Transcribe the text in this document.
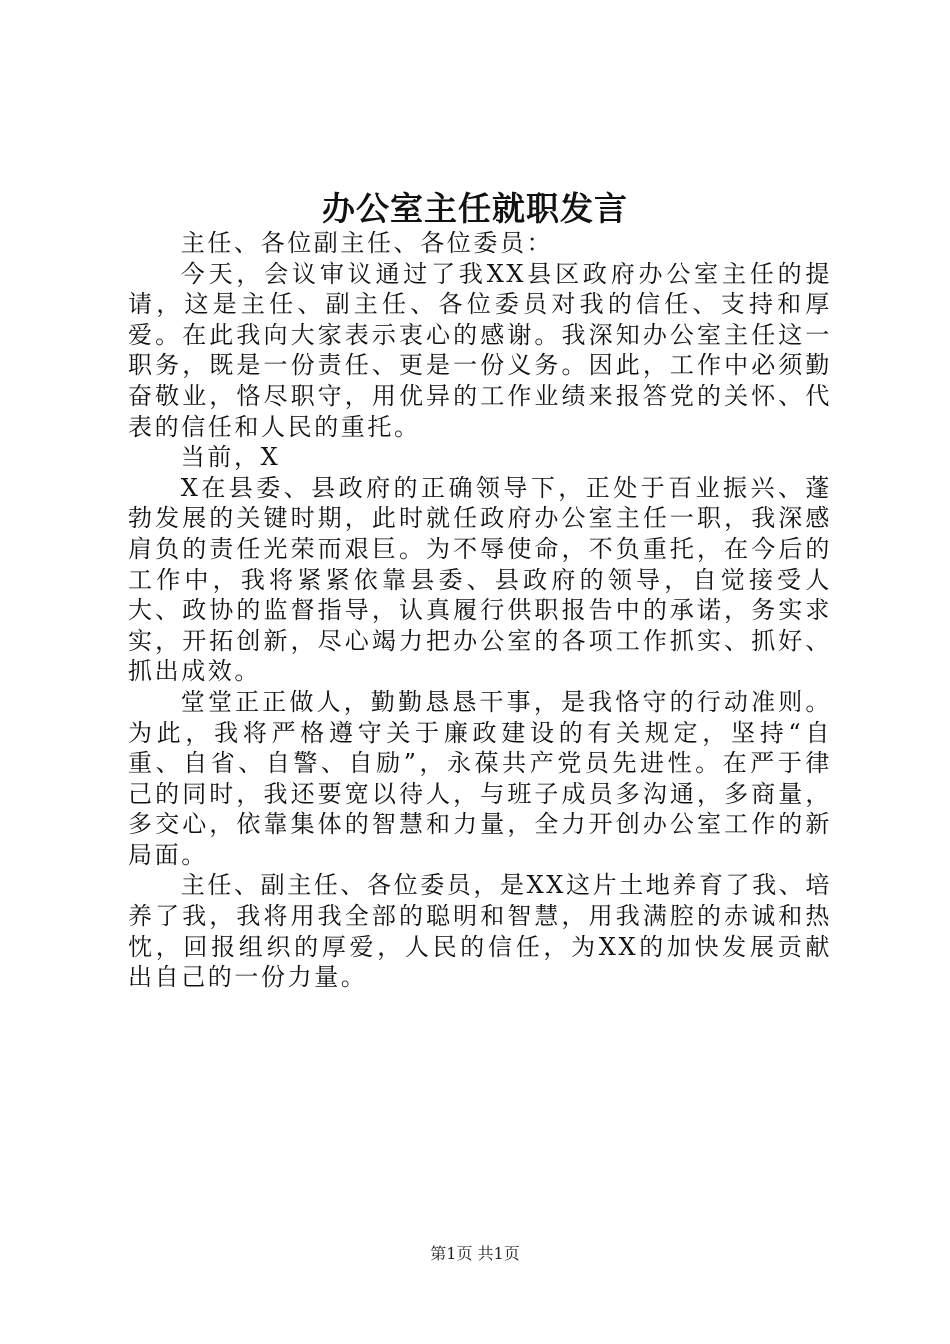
办公室主任就职发言

主任、各位副主任、各位委员：

今天，会议审议通过了我XX县区政府办公室主任的提请，这是主任、副主任、各位委员对我的信任、支持和厚爱。在此我向大家表示衷心的感谢。我深知办公室主任这一职务，既是一份责任、更是一份义务。因此，工作中必须勤奋敬业，恪尽职守，用优异的工作业绩来报答党的关怀、代表的信任和人民的重托。

当前，X

X在县委、县政府的正确领导下，正处于百业振兴、蓬勃发展的关键时期，此时就任政府办公室主任一职，我深感肩负的责任光荣而艰巨。为不辱使命，不负重托，在今后的工作中，我将紧紧依靠县委、县政府的领导，自觉接受人大、政协的监督指导，认真履行供职报告中的承诺，务实求实，开拓创新，尽心竭力把办公室的各项工作抓实、抓好、抓出成效。

堂堂正正做人，勤勤恳恳干事，是我恪守的行动准则。为此，我将严格遵守关于廉政建设的有关规定，坚持“自重、自省、自警、自励”，永葆共产党员先进性。在严于律己的同时，我还要宽以待人，与班子成员多沟通，多商量，多交心，依靠集体的智慧和力量，全力开创办公室工作的新局面。

主任、副主任、各位委员，是XX这片土地养育了我、培养了我，我将用我全部的聪明和智慧，用我满腔的赤诚和热忱，回报组织的厚爱，人民的信任，为XX的加快发展贡献出自己的一份力量。

第1页 共1页
